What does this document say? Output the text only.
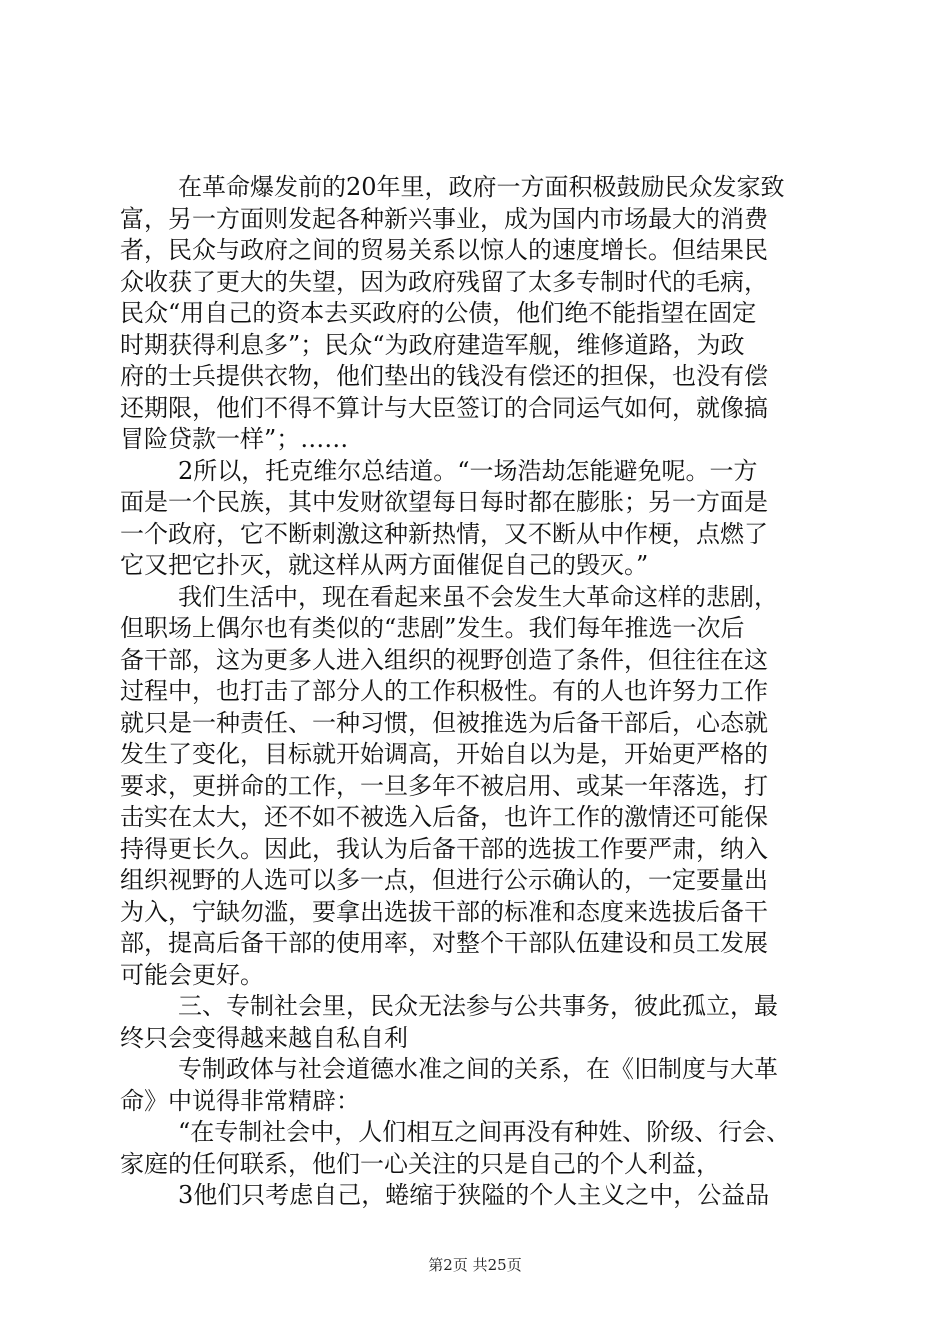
在革命爆发前的20年里，政府一方面积极鼓励民众发家致
富，另一方面则发起各种新兴事业，成为国内市场最大的消费
者，民众与政府之间的贸易关系以惊人的速度增长。但结果民
众收获了更大的失望，因为政府残留了太多专制时代的毛病，
民众“用自己的资本去买政府的公债，他们绝不能指望在固定
时期获得利息多”；民众“为政府建造军舰，维修道路，为政
府的士兵提供衣物，他们垫出的钱没有偿还的担保，也没有偿
还期限，他们不得不算计与大臣签订的合同运气如何，就像搞
冒险贷款一样”；……
2所以，托克维尔总结道。“一场浩劫怎能避免呢。一方
面是一个民族，其中发财欲望每日每时都在膨胀；另一方面是
一个政府，它不断刺激这种新热情，又不断从中作梗，点燃了
它又把它扑灭，就这样从两方面催促自己的毁灭。”
我们生活中，现在看起来虽不会发生大革命这样的悲剧，
但职场上偶尔也有类似的“悲剧”发生。我们每年推选一次后
备干部，这为更多人进入组织的视野创造了条件，但往往在这
过程中，也打击了部分人的工作积极性。有的人也许努力工作
就只是一种责任、一种习惯，但被推选为后备干部后，心态就
发生了变化，目标就开始调高，开始自以为是，开始更严格的
要求，更拼命的工作，一旦多年不被启用、或某一年落选，打
击实在太大，还不如不被选入后备，也许工作的激情还可能保
持得更长久。因此，我认为后备干部的选拔工作要严肃，纳入
组织视野的人选可以多一点，但进行公示确认的，一定要量出
为入，宁缺勿滥，要拿出选拔干部的标准和态度来选拔后备干
部，提高后备干部的使用率，对整个干部队伍建设和员工发展
可能会更好。
三、专制社会里，民众无法参与公共事务，彼此孤立，最
终只会变得越来越自私自利
专制政体与社会道德水准之间的关系，在《旧制度与大革
命》中说得非常精辟：
“在专制社会中，人们相互之间再没有种姓、阶级、行会、
家庭的任何联系，他们一心关注的只是自己的个人利益，
3他们只考虑自己，蜷缩于狭隘的个人主义之中，公益品
第2页 共25页
